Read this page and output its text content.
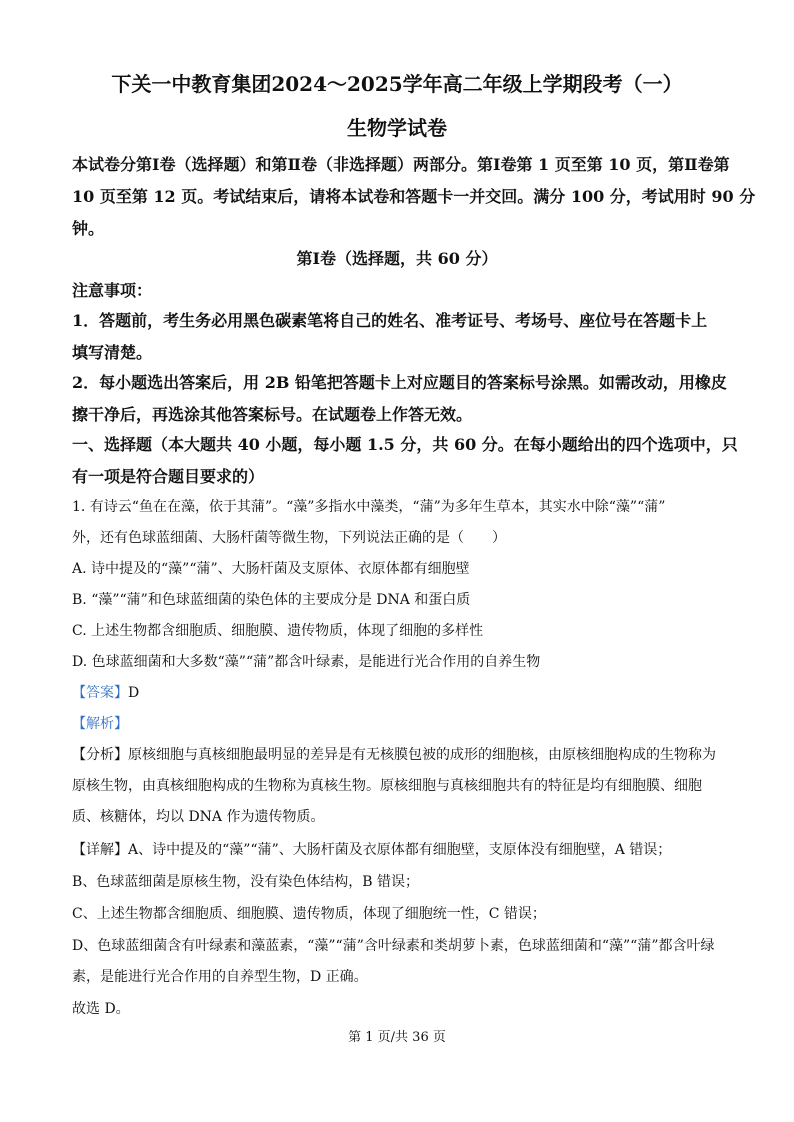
下关一中教育集团2024～2025学年高二年级上学期段考（一）
生物学试卷
本试卷分第Ⅰ卷（选择题）和第Ⅱ卷（非选择题）两部分。第Ⅰ卷第 1 页至第 10 页，第Ⅱ卷第
10 页至第 12 页。考试结束后，请将本试卷和答题卡一并交回。满分 100 分，考试用时 90 分
钟。
第Ⅰ卷（选择题，共 60 分）
注意事项：
1．答题前，考生务必用黑色碳素笔将自己的姓名、准考证号、考场号、座位号在答题卡上
填写清楚。
2．每小题选出答案后，用 2B 铅笔把答题卡上对应题目的答案标号涂黑。如需改动，用橡皮
擦干净后，再选涂其他答案标号。在试题卷上作答无效。
一、选择题（本大题共 40 小题，每小题 1.5 分，共 60 分。在每小题给出的四个选项中，只
有一项是符合题目要求的）
1. 有诗云“鱼在在藻，依于其蒲”。“藻”多指水中藻类，“蒲”为多年生草本，其实水中除“藻”“蒲”
外，还有色球蓝细菌、大肠杆菌等微生物，下列说法正确的是（　　）
A. 诗中提及的“藻”“蒲”、大肠杆菌及支原体、衣原体都有细胞壁
B. “藻”“蒲”和色球蓝细菌的染色体的主要成分是 DNA 和蛋白质
C. 上述生物都含细胞质、细胞膜、遗传物质，体现了细胞的多样性
D. 色球蓝细菌和大多数“藻”“蒲”都含叶绿素，是能进行光合作用的自养生物
【答案】D
【解析】
【分析】原核细胞与真核细胞最明显的差异是有无核膜包被的成形的细胞核，由原核细胞构成的生物称为
原核生物，由真核细胞构成的生物称为真核生物。原核细胞与真核细胞共有的特征是均有细胞膜、细胞
质、核糖体，均以 DNA 作为遗传物质。
【详解】A、诗中提及的“藻”“蒲”、大肠杆菌及衣原体都有细胞壁，支原体没有细胞壁，A 错误；
B、色球蓝细菌是原核生物，没有染色体结构，B 错误；
C、上述生物都含细胞质、细胞膜、遗传物质，体现了细胞统一性，C 错误；
D、色球蓝细菌含有叶绿素和藻蓝素，“藻”“蒲”含叶绿素和类胡萝卜素，色球蓝细菌和“藻”“蒲”都含叶绿
素，是能进行光合作用的自养型生物，D 正确。
故选 D。
第 1 页/共 36 页
